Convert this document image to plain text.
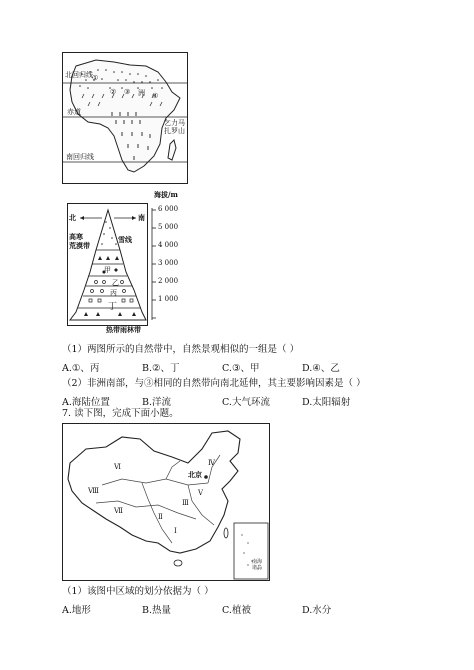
北回归线
赤道
南回归线
乞力马扎罗山
①
② ③	④
洲
海拔/m
北	南
高寒
荒漠带
雪线
甲
乙
丙
丁
热带雨林带
6 000
5 000
4 000
3 000
2 000
1 000
（1）两图所示的自然带中，自然景观相似的一组是（ ）
A.①、丙	B.②、丁	C.③、甲	D.④、乙
（2）非洲南部，与③相同的自然带向南北延伸，其主要影响因素是（ ）
A.海陆位置	B.洋流	C.大气环流	D.太阳辐射
7. 读下图，完成下面小题。
北京
Ⅰ
Ⅱ
Ⅲ
Ⅳ
Ⅴ
Ⅵ
Ⅶ
Ⅷ
南海
诸岛
（1）该图中区域的划分依据为（ ）
A.地形	B.热量	C.植被	D.水分
